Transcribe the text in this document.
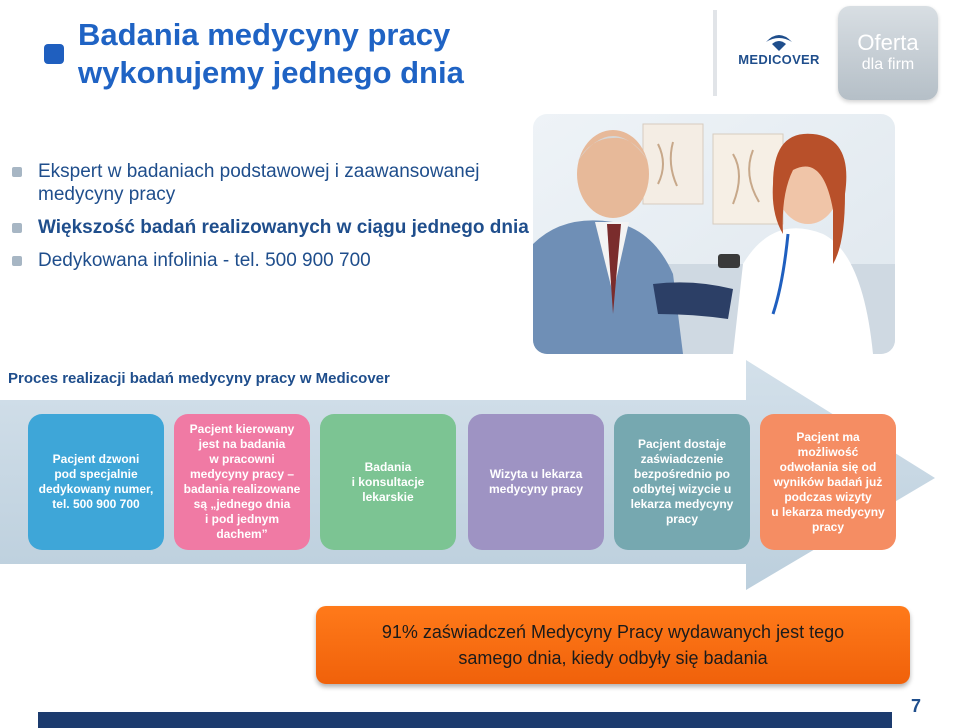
Badania medycyny pracy wykonujemy jednego dnia	MEDICOVER
Oferta
dla firm
Ekspert w badaniach podstawowej i zaawansowanej medycyny pracy
Większość badań realizowanych w ciągu jednego dnia
Dedykowana infolinia - tel. 500 900 700
Proces realizacji badań medycyny pracy w Medicover
Pacjent dzwoni
pod specjalnie
dedykowany numer,
tel. 500 900 700
Pacjent kierowany
jest na badania
w pracowni
medycyny pracy –
badania realizowane
są „jednego dnia
i pod jednym
dachem”
Badania
i konsultacje
lekarskie
Wizyta u lekarza
medycyny pracy
Pacjent dostaje
zaświadczenie
bezpośrednio po
odbytej wizycie u
lekarza medycyny
pracy
Pacjent ma możliwość
odwołania się od
wyników badań już
podczas wizyty
u lekarza medycyny
pracy
91% zaświadczeń Medycyny Pracy wydawanych jest tego
samego dnia, kiedy odbyły się badania
7
